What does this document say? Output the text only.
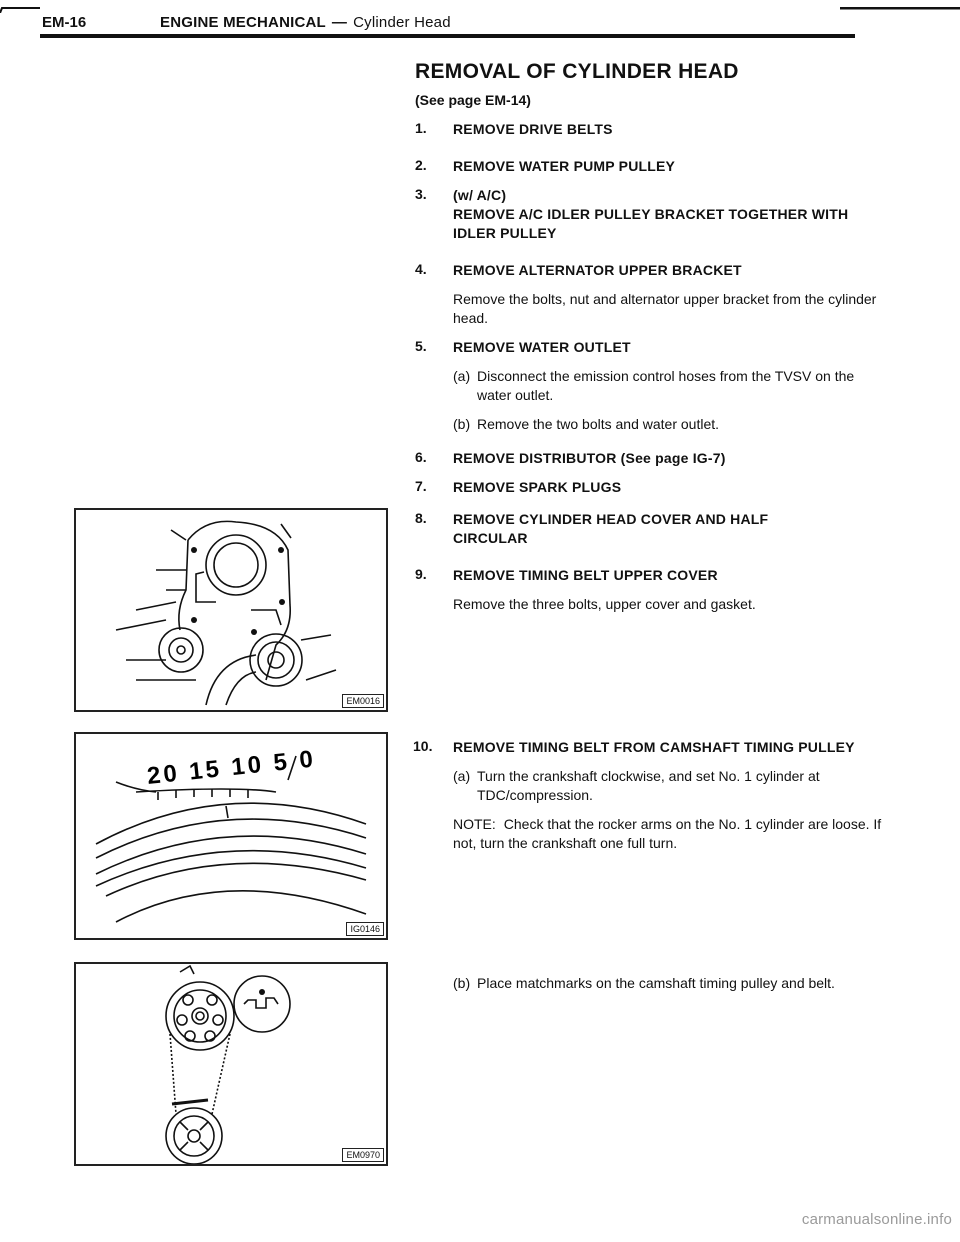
EM-16	ENGINE MECHANICAL — Cylinder Head
REMOVAL OF CYLINDER HEAD
(See page EM-14)
1. REMOVE DRIVE BELTS
2. REMOVE WATER PUMP PULLEY
3. (w/ A/C)
REMOVE A/C IDLER PULLEY BRACKET TOGETHER WITH IDLER PULLEY
4. REMOVE ALTERNATOR UPPER BRACKET
Remove the bolts, nut and alternator upper bracket from the cylinder head.
5. REMOVE WATER OUTLET
(a) Disconnect the emission control hoses from the TVSV on the water outlet.
(b) Remove the two bolts and water outlet.
6. REMOVE DISTRIBUTOR (See page IG-7)
7. REMOVE SPARK PLUGS
8. REMOVE CYLINDER HEAD COVER AND HALF CIRCULAR
9. REMOVE TIMING BELT UPPER COVER
Remove the three bolts, upper cover and gasket.
10. REMOVE TIMING BELT FROM CAMSHAFT TIMING PULLEY
(a) Turn the crankshaft clockwise, and set No. 1 cylinder at TDC/compression.
NOTE: Check that the rocker arms on the No. 1 cylinder are loose. If not, turn the crankshaft one full turn.
(b) Place matchmarks on the camshaft timing pulley and belt.
EM0016
20 15 10 5 0
IG0146
EM0970
carmanualsonline.info
